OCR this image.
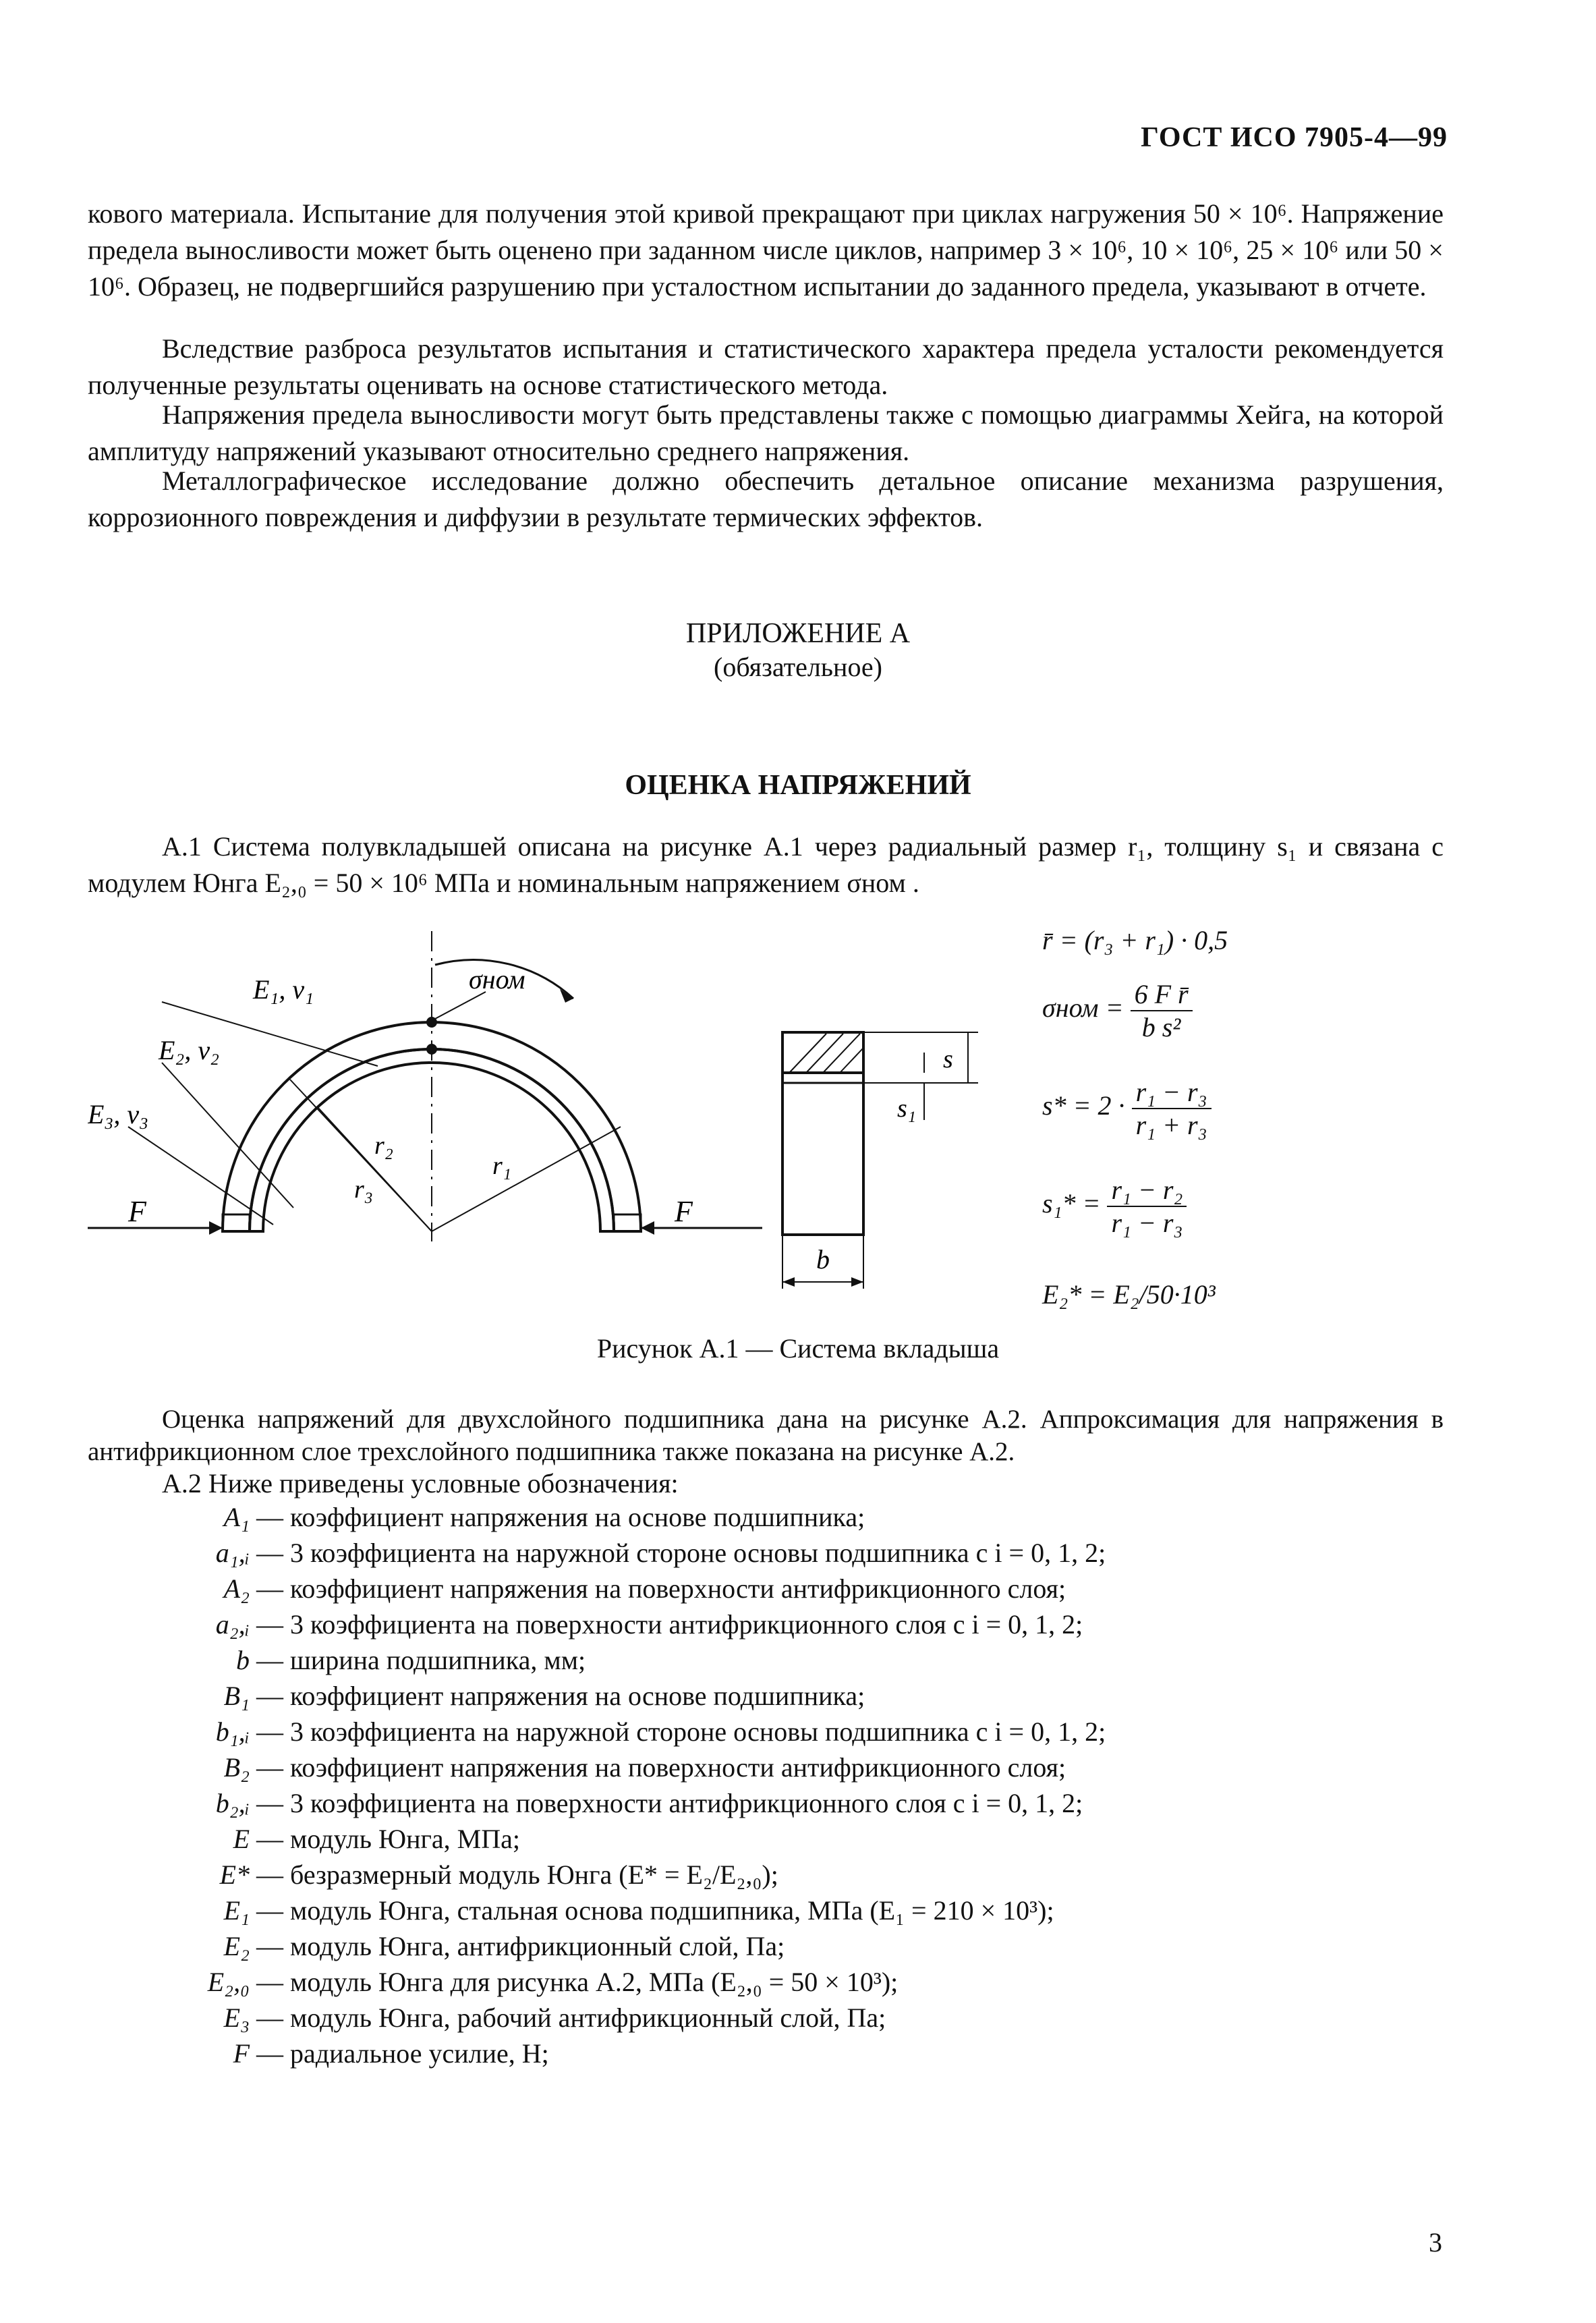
ГОСТ ИСО 7905-4—99
кового материала. Испытание для получения этой кривой прекращают при циклах нагружения 50 × 10⁶. Напряжение предела выносливости может быть оценено при заданном числе циклов, например 3 × 10⁶, 10 × 10⁶, 25 × 10⁶ или 50 × 10⁶. Образец, не подвергшийся разрушению при усталостном испытании до заданного предела, указывают в отчете.
Вследствие разброса результатов испытания и статистического характера предела усталости рекомендуется полученные результаты оценивать на основе статистического метода.
Напряжения предела выносливости могут быть представлены также с помощью диаграммы Хейга, на которой амплитуду напряжений указывают относительно среднего напряжения.
Металлографическое исследование должно обеспечить детальное описание механизма разрушения, коррозионного повреждения и диффузии в результате термических эффектов.
ПРИЛОЖЕНИЕ А
(обязательное)
ОЦЕНКА НАПРЯЖЕНИЙ
А.1 Система полувкладышей описана на рисунке А.1 через радиальный размер r₁, толщину s₁ и связана с модулем Юнга E₂,₀ = 50 × 10⁶ МПа и номинальным напряжением σном .
E₁, ν₁
E₂, ν₂
E₃, ν₃
σном
r₁
r₂
r₃
F	F
s
s₁
b
r̄ = (r₃ + r₁) · 0,5
$\sigma ном = \frac{\text{6 F r̄}}{\text{b s²}}$
$s* = 2 \cdot \frac{\text{r₁ − r₃}}{\text{r₁ + r₃}}$
$s_1* = \frac{\text{r₁ − r₂}}{\text{r₁ − r₃}}$
E₂* = E₂/50·10³
Рисунок А.1 — Система вкладыша
Оценка напряжений для двухслойного подшипника дана на рисунке А.2. Аппроксимация для напряжения в антифрикционном слое трехслойного подшипника также показана на рисунке А.2.
А.2 Ниже приведены условные обозначения:
A₁ — коэффициент напряжения на основе подшипника;
a₁,ᵢ — 3 коэффициента на наружной стороне основы подшипника с i = 0, 1, 2;
A₂ — коэффициент напряжения на поверхности антифрикционного слоя;
a₂,ᵢ — 3 коэффициента на поверхности антифрикционного слоя с i = 0, 1, 2;
b — ширина подшипника, мм;
B₁ — коэффициент напряжения на основе подшипника;
b₁,ᵢ — 3 коэффициента на наружной стороне основы подшипника с i = 0, 1, 2;
B₂ — коэффициент напряжения на поверхности антифрикционного слоя;
b₂,ᵢ — 3 коэффициента на поверхности антифрикционного слоя с i = 0, 1, 2;
E — модуль Юнга, МПа;
E* — безразмерный модуль Юнга (E* = E₂/E₂,₀);
E₁ — модуль Юнга, стальная основа подшипника, МПа (E₁ = 210 × 10³);
E₂ — модуль Юнга, антифрикционный слой, Па;
E₂,₀ — модуль Юнга для рисунка А.2, МПа (E₂,₀ = 50 × 10³);
E₃ — модуль Юнга, рабочий антифрикционный слой, Па;
F — радиальное усилие, Н;
3
